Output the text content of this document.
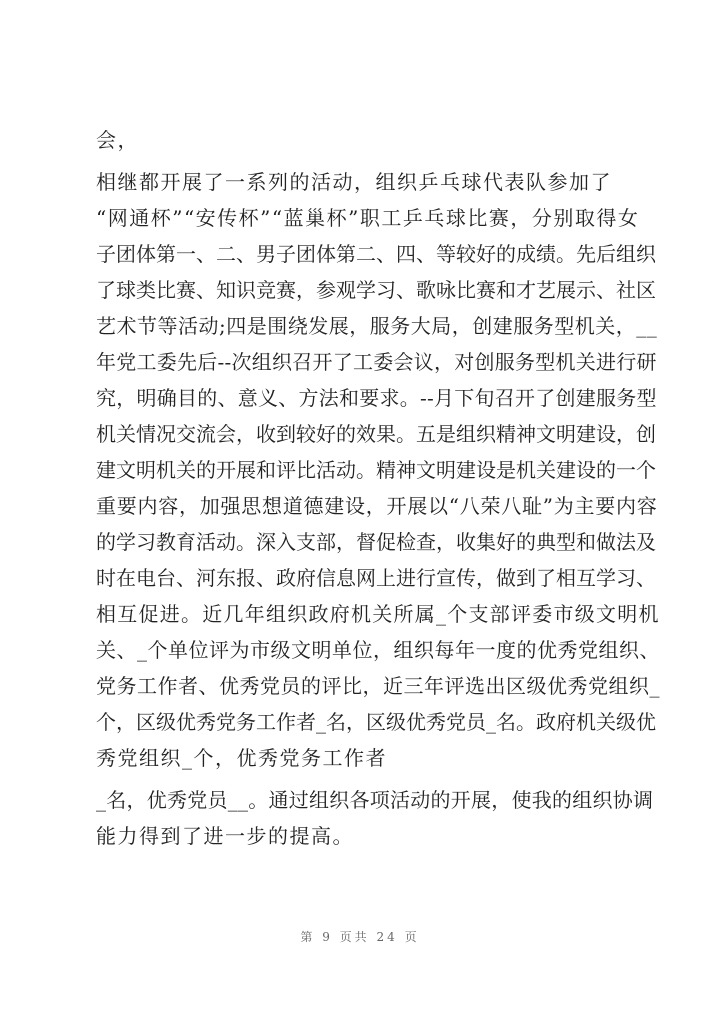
会，
相继都开展了一系列的活动，组织乒乓球代表队参加了
“网通杯”“安传杯”“蓝巢杯”职工乒乓球比赛，分别取得女
子团体第一、二、男子团体第二、四、等较好的成绩。先后组织
了球类比赛、知识竞赛，参观学习、歌咏比赛和才艺展示、社区
艺术节等活动;四是围绕发展，服务大局，创建服务型机关，__
年党工委先后--次组织召开了工委会议，对创服务型机关进行研
究，明确目的、意义、方法和要求。--月下旬召开了创建服务型
机关情况交流会，收到较好的效果。五是组织精神文明建设，创
建文明机关的开展和评比活动。精神文明建设是机关建设的一个
重要内容，加强思想道德建设，开展以“八荣八耻”为主要内容
的学习教育活动。深入支部，督促检查，收集好的典型和做法及
时在电台、河东报、政府信息网上进行宣传，做到了相互学习、
相互促进。近几年组织政府机关所属_个支部评委市级文明机
关、_个单位评为市级文明单位，组织每年一度的优秀党组织、
党务工作者、优秀党员的评比，近三年评选出区级优秀党组织_
个，区级优秀党务工作者_名，区级优秀党员_名。政府机关级优
秀党组织_个，优秀党务工作者
_名，优秀党员__。通过组织各项活动的开展，使我的组织协调
能力得到了进一步的提高。
第 9 页共 24 页
